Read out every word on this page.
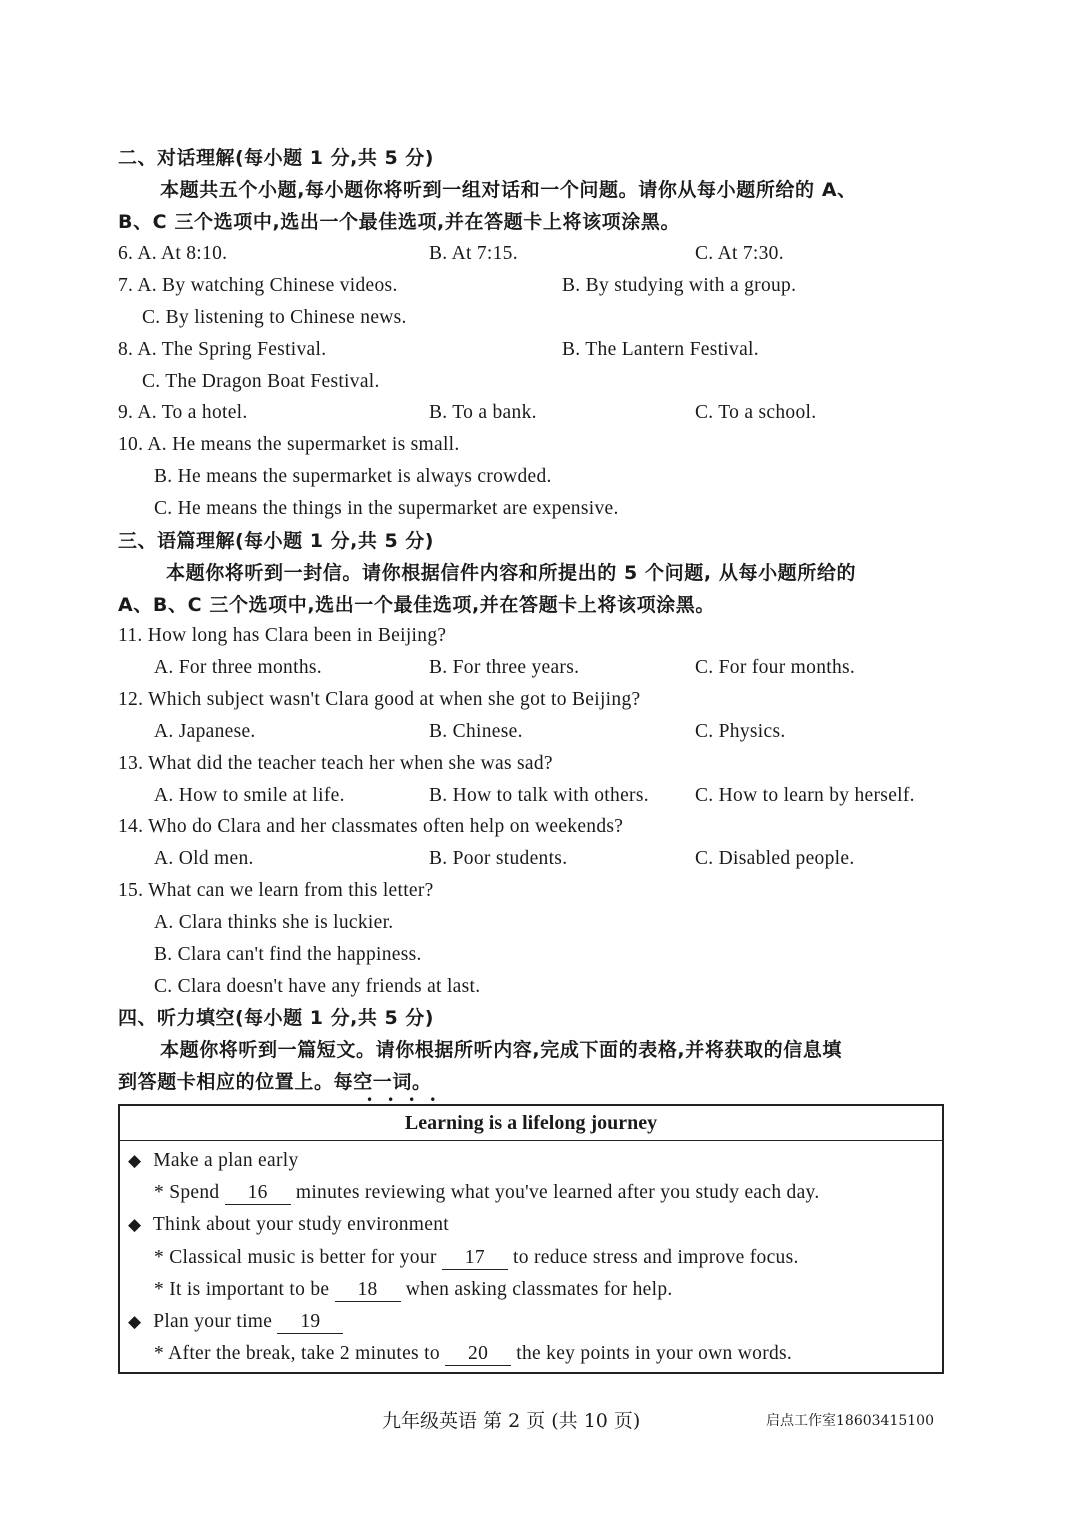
二、对话理解(每小题 1 分,共 5 分)
本题共五个小题,每小题你将听到一组对话和一个问题。请你从每小题所给的 A、
B、C 三个选项中,选出一个最佳选项,并在答题卡上将该项涂黑。
6. A. At 8:10.	B. At 7:15.	C. At 7:30.
7. A. By watching Chinese videos.	B. By studying with a group.
C. By listening to Chinese news.
8. A. The Spring Festival.	B. The Lantern Festival.
C. The Dragon Boat Festival.
9. A. To a hotel.	B. To a bank.	C. To a school.
10. A. He means the supermarket is small.
B. He means the supermarket is always crowded.
C. He means the things in the supermarket are expensive.
三、语篇理解(每小题 1 分,共 5 分)
本题你将听到一封信。请你根据信件内容和所提出的 5 个问题, 从每小题所给的
A、B、C 三个选项中,选出一个最佳选项,并在答题卡上将该项涂黑。
11. How long has Clara been in Beijing?
A. For three months.	B. For three years.	C. For four months.
12. Which subject wasn't Clara good at when she got to Beijing?
A. Japanese.	B. Chinese.	C. Physics.
13. What did the teacher teach her when she was sad?
A. How to smile at life.	B. How to talk with others. C. How to learn by herself.
14. Who do Clara and her classmates often help on weekends?
A. Old men.	B. Poor students.	C. Disabled people.
15. What can we learn from this letter?
A. Clara thinks she is luckier.
B. Clara can't find the happiness.
C. Clara doesn't have any friends at last.
四、听力填空(每小题 1 分,共 5 分)
本题你将听到一篇短文。请你根据所听内容,完成下面的表格,并将获取的信息填
到答题卡相应的位置上。每空一词。
••••
Learning is a lifelong journey
◆ Make a plan early
* Spend 16 minutes reviewing what you've learned after you study each day.
◆ Think about your study environment
* Classical music is better for your 17 to reduce stress and improve focus.
* It is important to be 18 when asking classmates for help.
◆ Plan your time 19
* After the break, take 2 minutes to 20 the key points in your own words.
九年级英语 第 2 页 (共 10 页)	启点工作室18603415100
